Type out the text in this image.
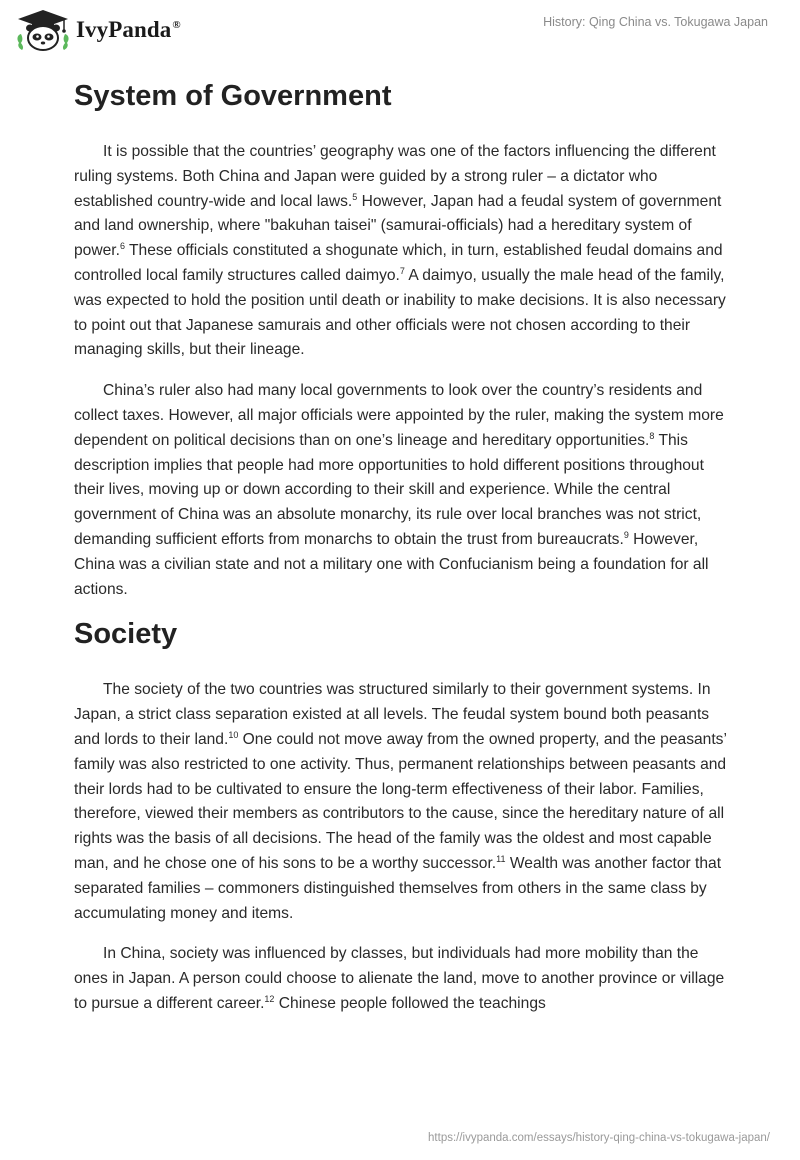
IvyPanda®	History: Qing China vs. Tokugawa Japan
System of Government

It is possible that the countries’ geography was one of the factors influencing the different ruling systems. Both China and Japan were guided by a strong ruler – a dictator who established country-wide and local laws.$^5$ However, Japan had a feudal system of government and land ownership, where "bakuhan taisei" (samurai-officials) had a hereditary system of power.$^6$ These officials constituted a shogunate which, in turn, established feudal domains and controlled local family structures called daimyo.$^7$ A daimyo, usually the male head of the family, was expected to hold the position until death or inability to make decisions. It is also necessary to point out that Japanese samurais and other officials were not chosen according to their managing skills, but their lineage.

China’s ruler also had many local governments to look over the country’s residents and collect taxes. However, all major officials were appointed by the ruler, making the system more dependent on political decisions than on one’s lineage and hereditary opportunities.$^8$ This description implies that people had more opportunities to hold different positions throughout their lives, moving up or down according to their skill and experience. While the central government of China was an absolute monarchy, its rule over local branches was not strict, demanding sufficient efforts from monarchs to obtain the trust from bureaucrats.$^9$ However, China was a civilian state and not a military one with Confucianism being a foundation for all actions.

Society

The society of the two countries was structured similarly to their government systems. In Japan, a strict class separation existed at all levels. The feudal system bound both peasants and lords to their land.$^{10}$ One could not move away from the owned property, and the peasants’ family was also restricted to one activity. Thus, permanent relationships between peasants and their lords had to be cultivated to ensure the long-term effectiveness of their labor. Families, therefore, viewed their members as contributors to the cause, since the hereditary nature of all rights was the basis of all decisions. The head of the family was the oldest and most capable man, and he chose one of his sons to be a worthy successor.$^{11}$ Wealth was another factor that separated families – commoners distinguished themselves from others in the same class by accumulating money and items.

In China, society was influenced by classes, but individuals had more mobility than the ones in Japan. A person could choose to alienate the land, move to another province or village to pursue a different career.$^{12}$ Chinese people followed the teachings

https://ivypanda.com/essays/history-qing-china-vs-tokugawa-japan/
